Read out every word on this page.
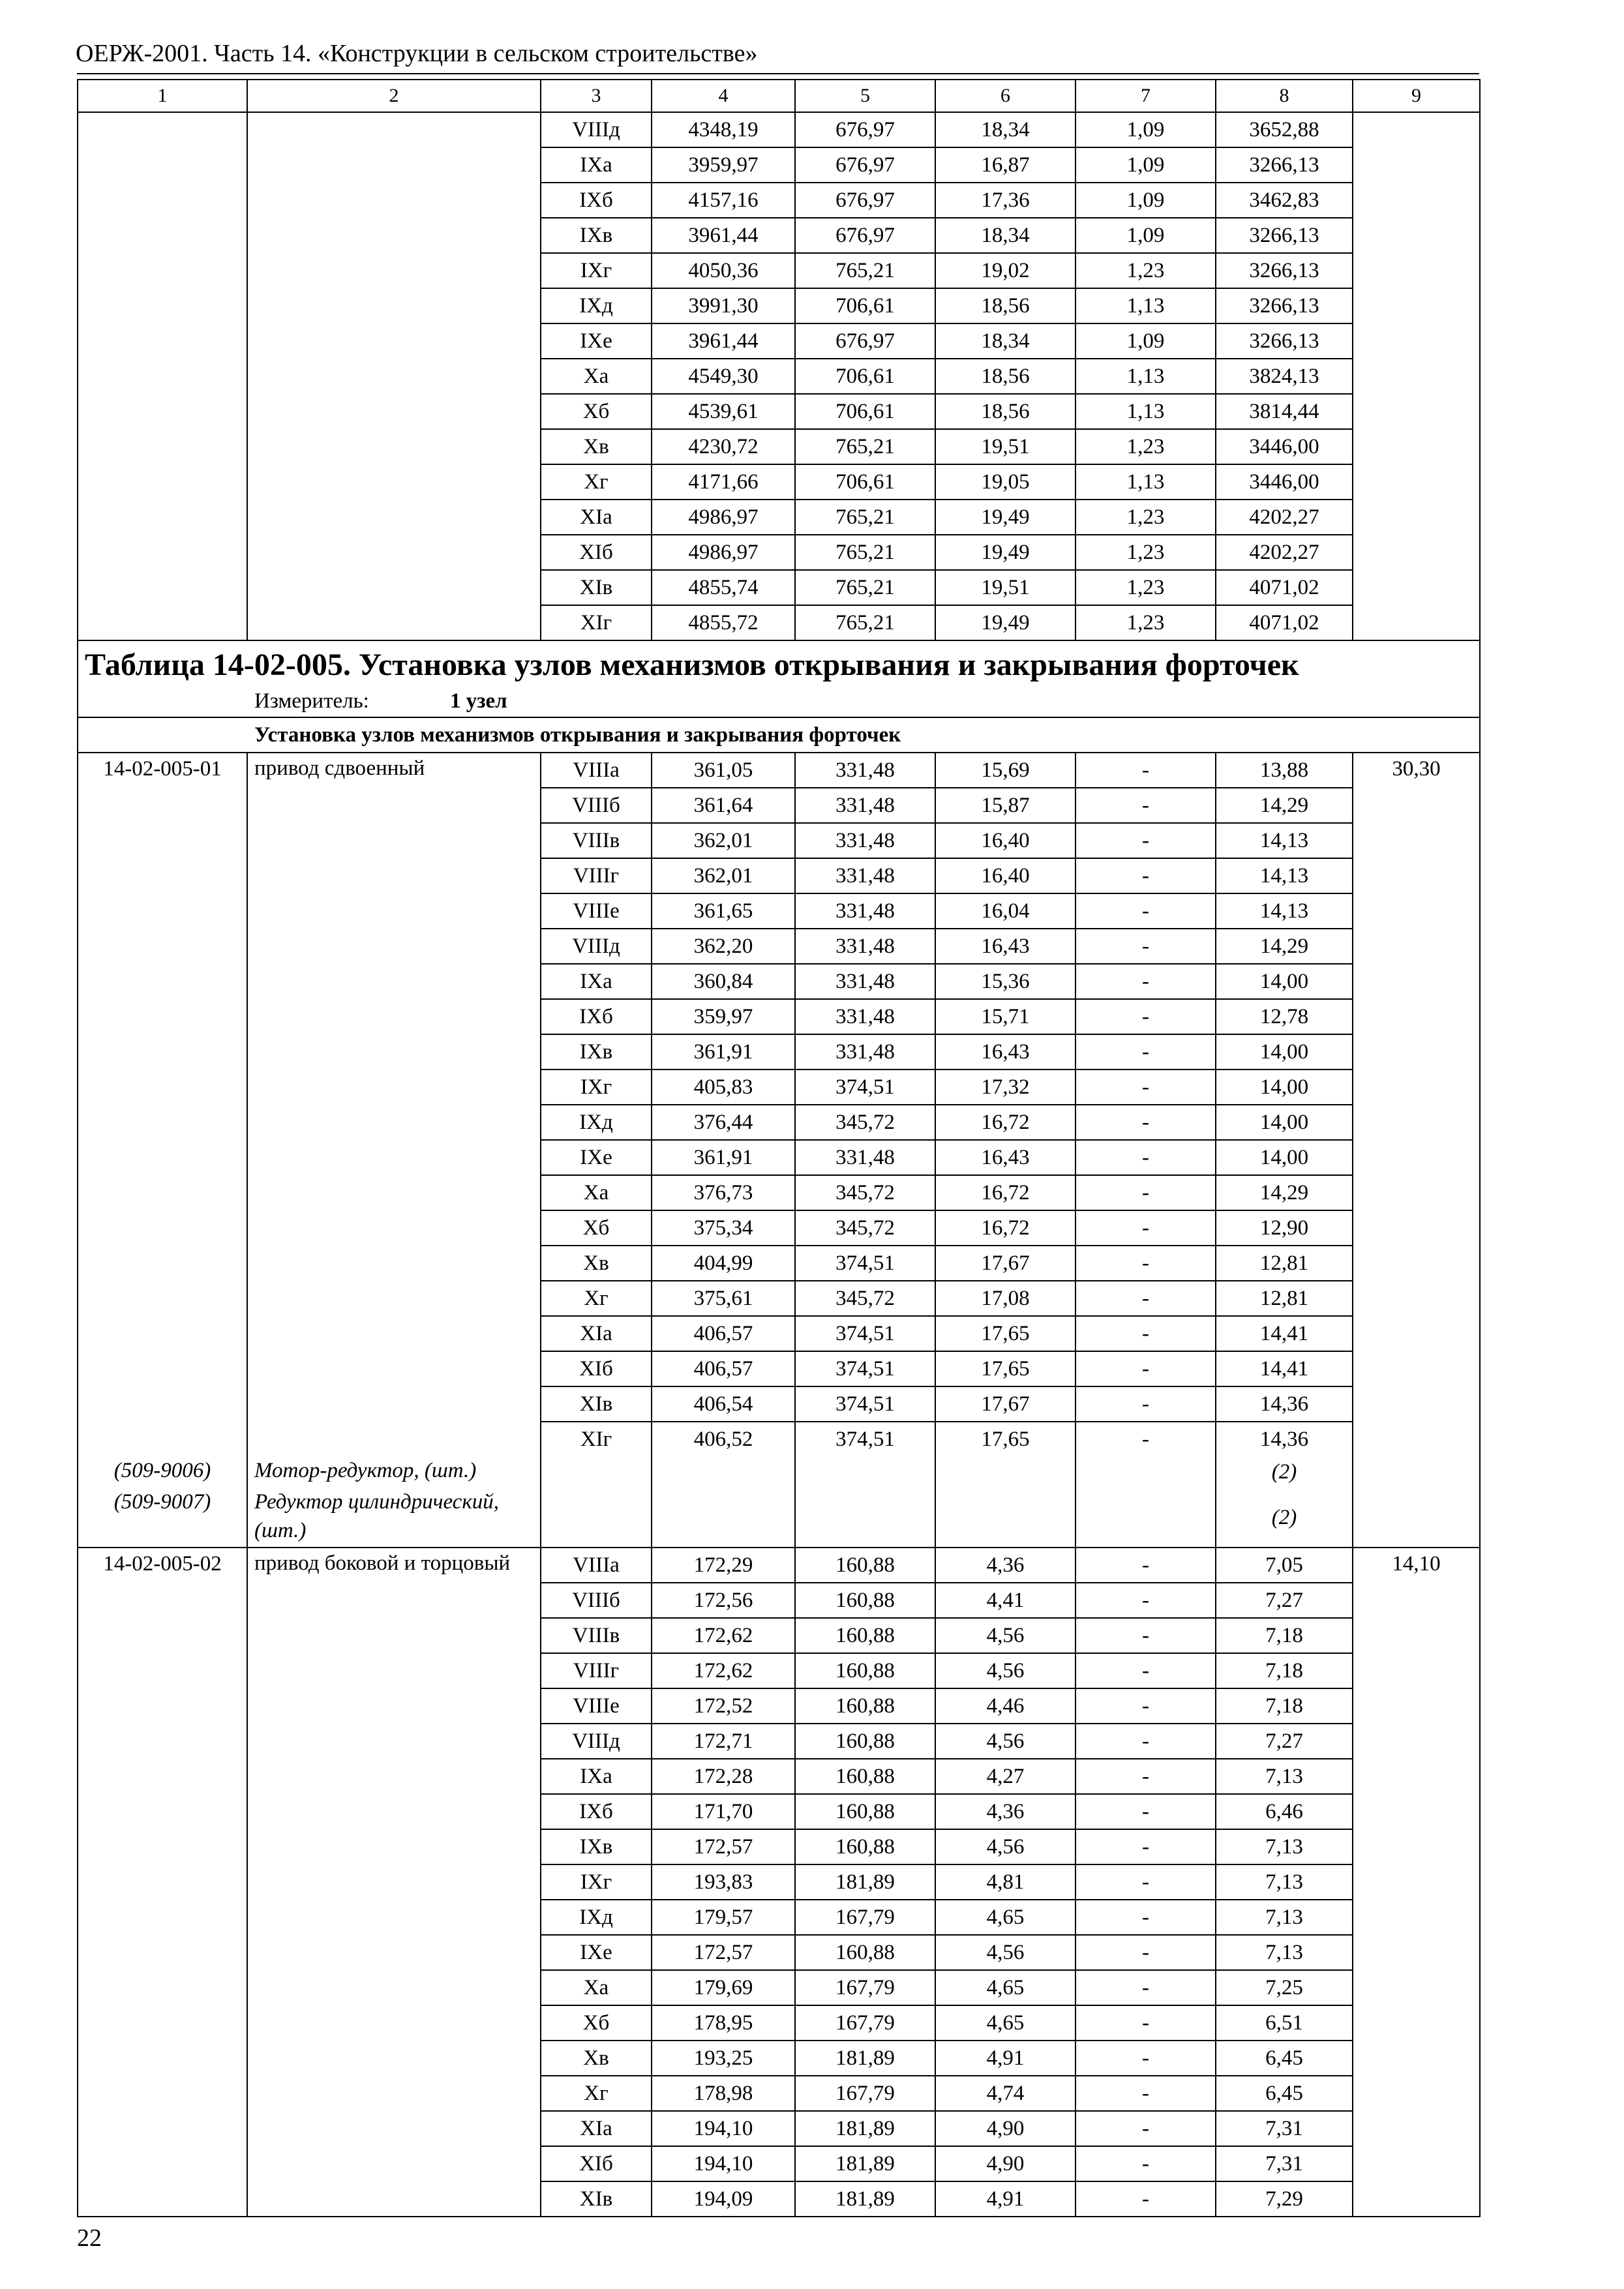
ОЕРЖ-2001. Часть 14. «Конструкции в сельском строительстве»
1	2	3	4	5	6	7	8	9
		VIIIд	4348,19	676,97	18,34	1,09	3652,88	
		IXа	3959,97	676,97	16,87	1,09	3266,13	
		IXб	4157,16	676,97	17,36	1,09	3462,83	
		IXв	3961,44	676,97	18,34	1,09	3266,13	
		IXг	4050,36	765,21	19,02	1,23	3266,13	
		IXд	3991,30	706,61	18,56	1,13	3266,13	
		IXе	3961,44	676,97	18,34	1,09	3266,13	
		Xа	4549,30	706,61	18,56	1,13	3824,13	
		Xб	4539,61	706,61	18,56	1,13	3814,44	
		Xв	4230,72	765,21	19,51	1,23	3446,00	
		Xг	4171,66	706,61	19,05	1,13	3446,00	
		XIа	4986,97	765,21	19,49	1,23	4202,27	
		XIб	4986,97	765,21	19,49	1,23	4202,27	
		XIв	4855,74	765,21	19,51	1,23	4071,02	
		XIг	4855,72	765,21	19,49	1,23	4071,02	
Таблица 14-02-005. Установка узлов механизмов открывания и закрывания форточек								
Измеритель: 1 узел								
Установка узлов механизмов открывания и закрывания форточек								
14-02-005-01	привод сдвоенный	VIIIа	361,05	331,48	15,69	-	13,88	30,30
		VIIIб	361,64	331,48	15,87	-	14,29	
		VIIIв	362,01	331,48	16,40	-	14,13	
		VIIIг	362,01	331,48	16,40	-	14,13	
		VIIIе	361,65	331,48	16,04	-	14,13	
		VIIIд	362,20	331,48	16,43	-	14,29	
		IXа	360,84	331,48	15,36	-	14,00	
		IXб	359,97	331,48	15,71	-	12,78	
		IXв	361,91	331,48	16,43	-	14,00	
		IXг	405,83	374,51	17,32	-	14,00	
		IXд	376,44	345,72	16,72	-	14,00	
		IXе	361,91	331,48	16,43	-	14,00	
		Xа	376,73	345,72	16,72	-	14,29	
		Xб	375,34	345,72	16,72	-	12,90	
		Xв	404,99	374,51	17,67	-	12,81	
		Xг	375,61	345,72	17,08	-	12,81	
		XIа	406,57	374,51	17,65	-	14,41	
		XIб	406,57	374,51	17,65	-	14,41	
		XIв	406,54	374,51	17,67	-	14,36	
		XIг	406,52	374,51	17,65	-	14,36	
(509-9006)	Мотор-редуктор, (шт.)						(2)	
(509-9007)	Редуктор цилиндрический, (шт.)						(2)	
14-02-005-02	привод боковой и торцовый	VIIIа	172,29	160,88	4,36	-	7,05	14,10
		VIIIб	172,56	160,88	4,41	-	7,27	
		VIIIв	172,62	160,88	4,56	-	7,18	
		VIIIг	172,62	160,88	4,56	-	7,18	
		VIIIе	172,52	160,88	4,46	-	7,18	
		VIIIд	172,71	160,88	4,56	-	7,27	
		IXа	172,28	160,88	4,27	-	7,13	
		IXб	171,70	160,88	4,36	-	6,46	
		IXв	172,57	160,88	4,56	-	7,13	
		IXг	193,83	181,89	4,81	-	7,13	
		IXд	179,57	167,79	4,65	-	7,13	
		IXе	172,57	160,88	4,56	-	7,13	
		Xа	179,69	167,79	4,65	-	7,25	
		Xб	178,95	167,79	4,65	-	6,51	
		Xв	193,25	181,89	4,91	-	6,45	
		Xг	178,98	167,79	4,74	-	6,45	
		XIа	194,10	181,89	4,90	-	7,31	
		XIб	194,10	181,89	4,90	-	7,31	
		XIв	194,09	181,89	4,91	-	7,29	
22
